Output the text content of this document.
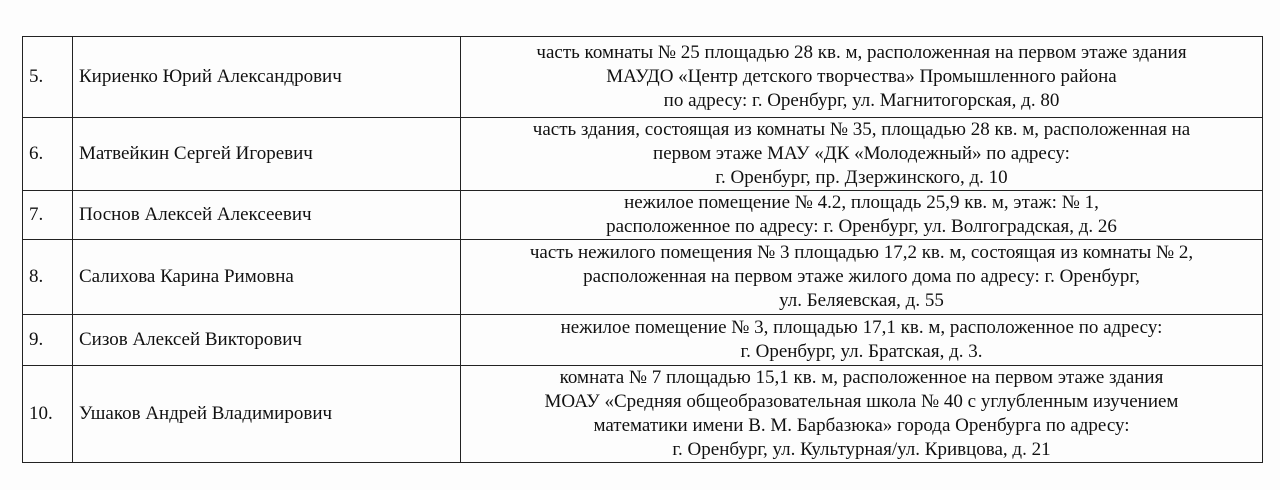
5.	Кириенко Юрий Александрович	часть комнаты № 25 площадью 28 кв. м, расположенная на первом этаже здания
МАУДО «Центр детского творчества» Промышленного района
по адресу: г. Оренбург, ул. Магнитогорская, д. 80

6.	Матвейкин Сергей Игоревич	часть здания, состоящая из комнаты № 35, площадью 28 кв. м, расположенная на
первом этаже МАУ «ДК «Молодежный» по адресу:
г. Оренбург, пр. Дзержинского, д. 10

7.	Поснов Алексей Алексеевич	нежилое помещение № 4.2, площадь 25,9 кв. м, этаж: № 1,
расположенное по адресу: г. Оренбург, ул. Волгоградская, д. 26

8.	Салихова Карина Римовна	часть нежилого помещения № 3 площадью 17,2 кв. м, состоящая из комнаты № 2,
расположенная на первом этаже жилого дома по адресу: г. Оренбург,
ул. Беляевская, д. 55

9.	Сизов Алексей Викторович	нежилое помещение № 3, площадью 17,1 кв. м, расположенное по адресу:
г. Оренбург, ул. Братская, д. 3.

10.	Ушаков Андрей Владимирович	комната № 7 площадью 15,1 кв. м, расположенное на первом этаже здания
МОАУ «Средняя общеобразовательная школа № 40 с углубленным изучением
математики имени В. М. Барбазюка» города Оренбурга по адресу:
г. Оренбург, ул. Культурная/ул. Кривцова, д. 21
